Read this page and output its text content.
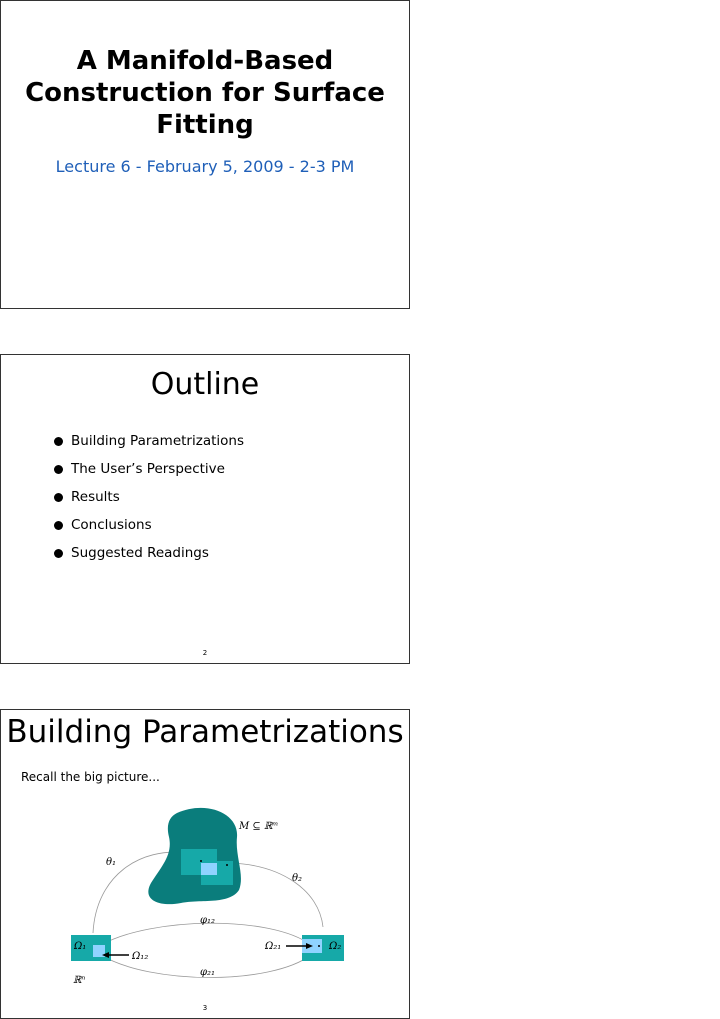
A Manifold-Based
Construction for Surface
Fitting
Lecture 6 - February 5, 2009 - 2-3 PM
Outline
Building Parametrizations
The User’s Perspective
Results
Conclusions
Suggested Readings
2
Building Parametrizations
Recall the big picture...
M ⊆ ℝᵐ
θ₁
θ₂
φ₁₂
φ₂₁
Ω₁	Ω₂
Ω₁₂
Ω₂₁
ℝⁿ
3
